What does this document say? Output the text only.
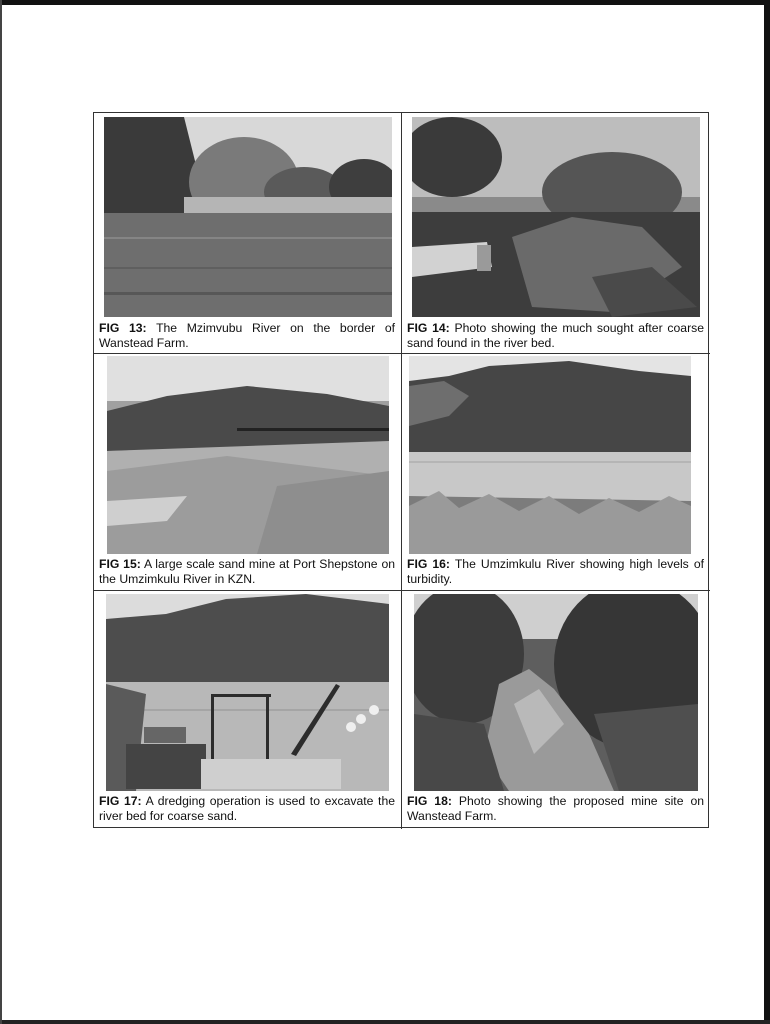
FIG 13: The Mzimvubu River on the border of Wanstead Farm.
FIG 14: Photo showing the much sought after coarse sand found in the river bed.
FIG 15: A large scale sand mine at Port Shepstone on the Umzimkulu River in KZN.
FIG 16: The Umzimkulu River showing high levels of turbidity.
FIG 17: A dredging operation is used to excavate the river bed for coarse sand.
FIG 18: Photo showing the proposed mine site on Wanstead Farm.
